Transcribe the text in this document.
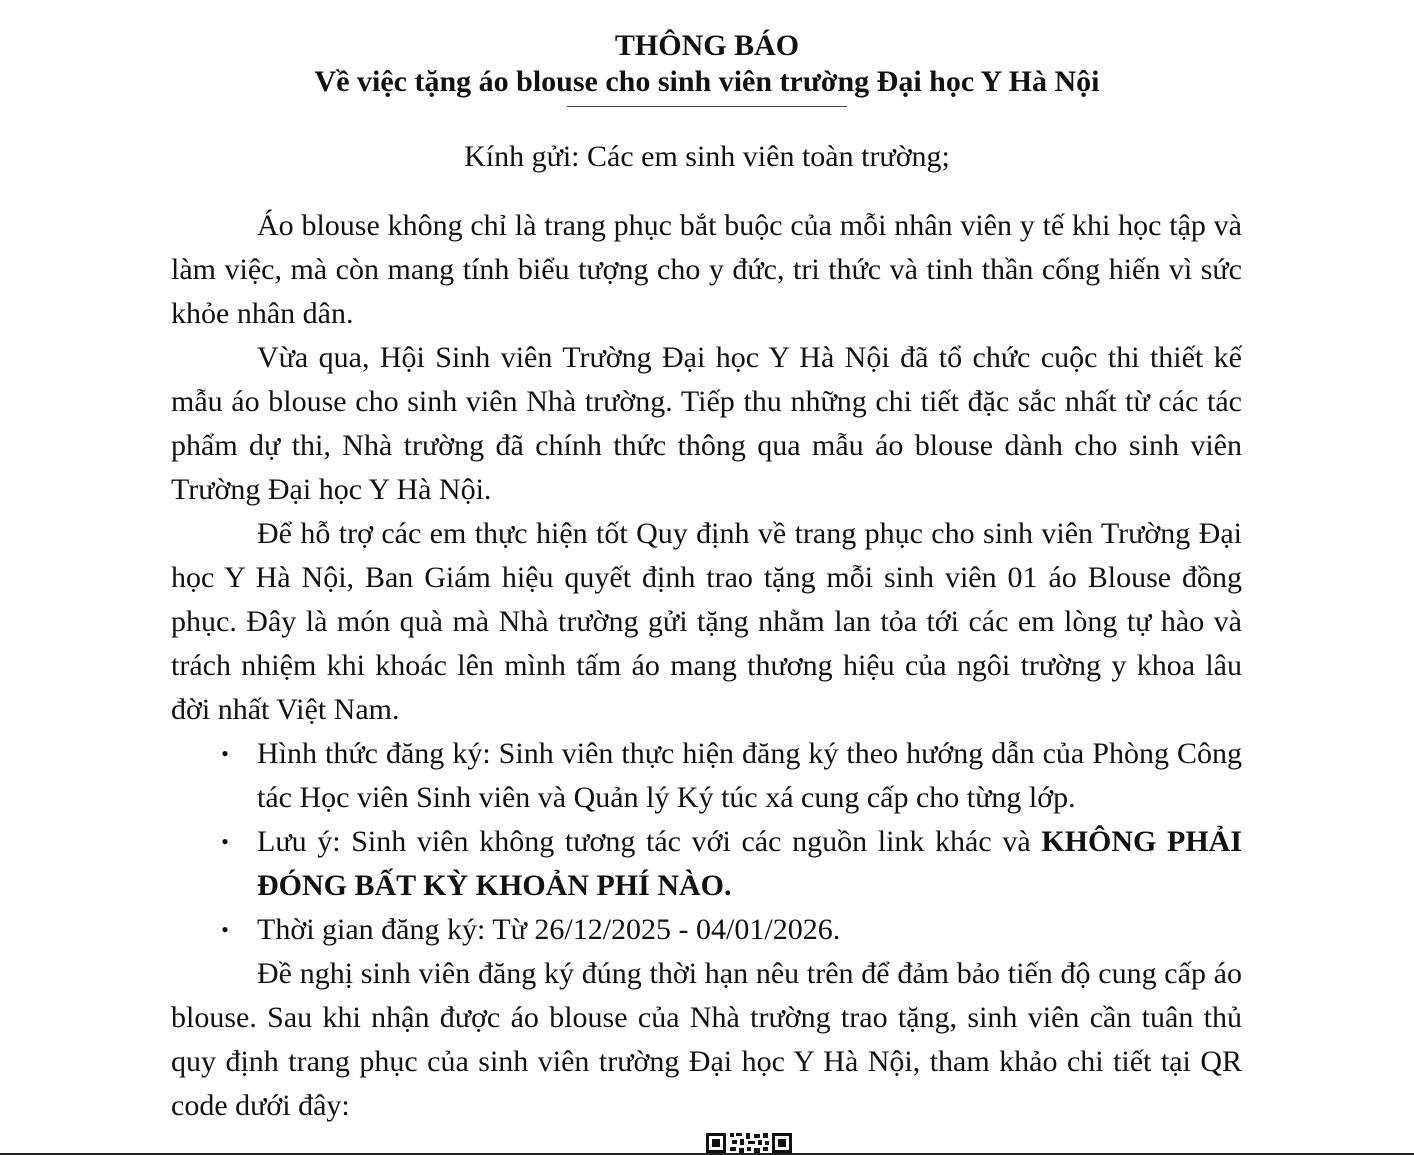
THÔNG BÁO
Về việc tặng áo blouse cho sinh viên trường Đại học Y Hà Nội
Kính gửi: Các em sinh viên toàn trường;

Áo blouse không chỉ là trang phục bắt buộc của mỗi nhân viên y tế khi học tập và làm việc, mà còn mang tính biểu tượng cho y đức, tri thức và tinh thần cống hiến vì sức khỏe nhân dân.

Vừa qua, Hội Sinh viên Trường Đại học Y Hà Nội đã tổ chức cuộc thi thiết kế mẫu áo blouse cho sinh viên Nhà trường. Tiếp thu những chi tiết đặc sắc nhất từ các tác phẩm dự thi, Nhà trường đã chính thức thông qua mẫu áo blouse dành cho sinh viên Trường Đại học Y Hà Nội.

Để hỗ trợ các em thực hiện tốt Quy định về trang phục cho sinh viên Trường Đại học Y Hà Nội, Ban Giám hiệu quyết định trao tặng mỗi sinh viên 01 áo Blouse đồng phục. Đây là món quà mà Nhà trường gửi tặng nhằm lan tỏa tới các em lòng tự hào và trách nhiệm khi khoác lên mình tấm áo mang thương hiệu của ngôi trường y khoa lâu đời nhất Việt Nam.

• Hình thức đăng ký: Sinh viên thực hiện đăng ký theo hướng dẫn của Phòng Công tác Học viên Sinh viên và Quản lý Ký túc xá cung cấp cho từng lớp.
• Lưu ý: Sinh viên không tương tác với các nguồn link khác và KHÔNG PHẢI ĐÓNG BẤT KỲ KHOẢN PHÍ NÀO.
• Thời gian đăng ký: Từ 26/12/2025 - 04/01/2026.

Đề nghị sinh viên đăng ký đúng thời hạn nêu trên để đảm bảo tiến độ cung cấp áo blouse. Sau khi nhận được áo blouse của Nhà trường trao tặng, sinh viên cần tuân thủ quy định trang phục của sinh viên trường Đại học Y Hà Nội, tham khảo chi tiết tại QR code dưới đây:
